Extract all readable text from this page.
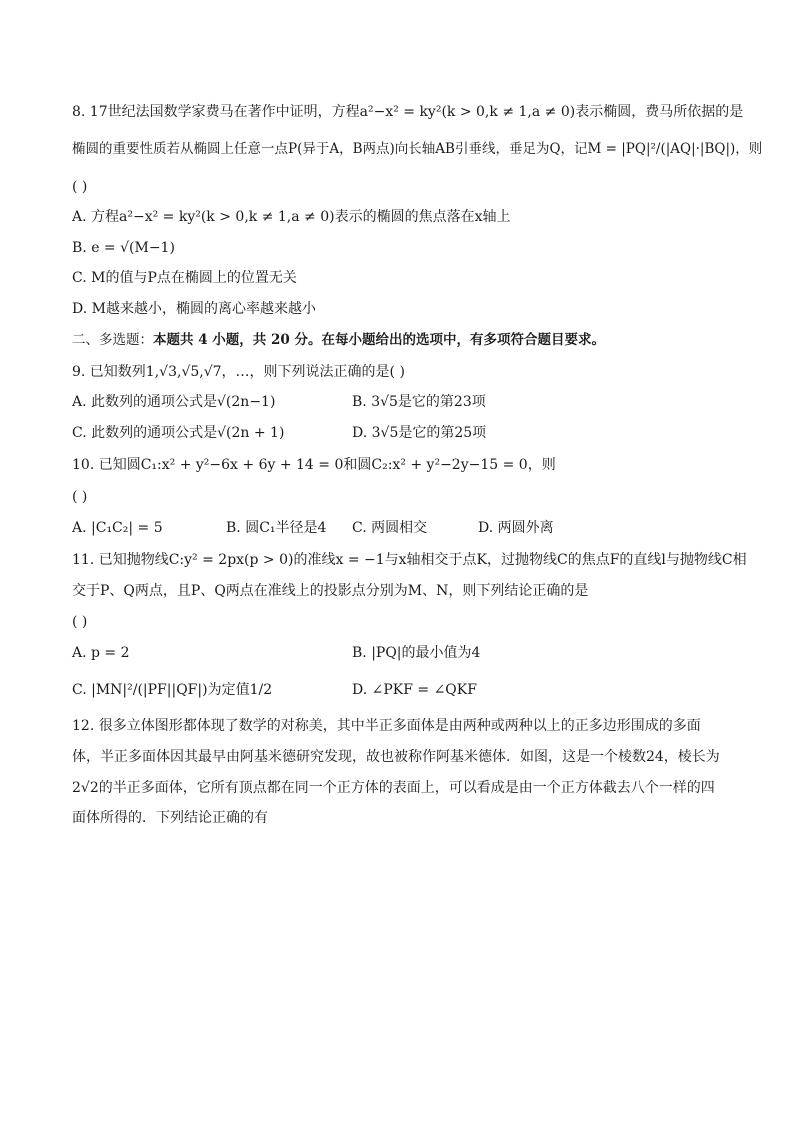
8. 17世纪法国数学家费马在著作中证明，方程a²−x² = ky²(k > 0,k ≠ 1,a ≠ 0)表示椭圆，费马所依据的是
椭圆的重要性质若从椭圆上任意一点P(异于A，B两点)向长轴AB引垂线，垂足为Q，记M = |PQ|²/(|AQ|·|BQ|)，则
( )
A. 方程a²−x² = ky²(k > 0,k ≠ 1,a ≠ 0)表示的椭圆的焦点落在x轴上
B. e = √(M−1)
C. M的值与P点在椭圆上的位置无关
D. M越来越小，椭圆的离心率越来越小
二、多选题：本题共 4 小题，共 20 分。在每小题给出的选项中，有多项符合题目要求。
9. 已知数列1,√3,√5,√7，…，则下列说法正确的是( )
A. 此数列的通项公式是√(2n−1)	B. 3√5是它的第23项
C. 此数列的通项公式是√(2n + 1)	D. 3√5是它的第25项
10. 已知圆C₁:x² + y²−6x + 6y + 14 = 0和圆C₂:x² + y²−2y−15 = 0，则
( )
A. |C₁C₂| = 5	B. 圆C₁半径是4 C. 两圆相交	D. 两圆外离
11. 已知抛物线C:y² = 2px(p > 0)的准线x = −1与x轴相交于点K，过抛物线C的焦点F的直线l与抛物线C相
交于P、Q两点，且P、Q两点在准线上的投影点分别为M、N，则下列结论正确的是
( )
A. p = 2	B. |PQ|的最小值为4
C. |MN|²/(|PF||QF|)为定值1/2	D. ∠PKF = ∠QKF
12. 很多立体图形都体现了数学的对称美，其中半正多面体是由两种或两种以上的正多边形围成的多面
体，半正多面体因其最早由阿基米德研究发现，故也被称作阿基米德体．如图，这是一个棱数24，棱长为
2√2的半正多面体，它所有顶点都在同一个正方体的表面上，可以看成是由一个正方体截去八个一样的四
面体所得的．下列结论正确的有
